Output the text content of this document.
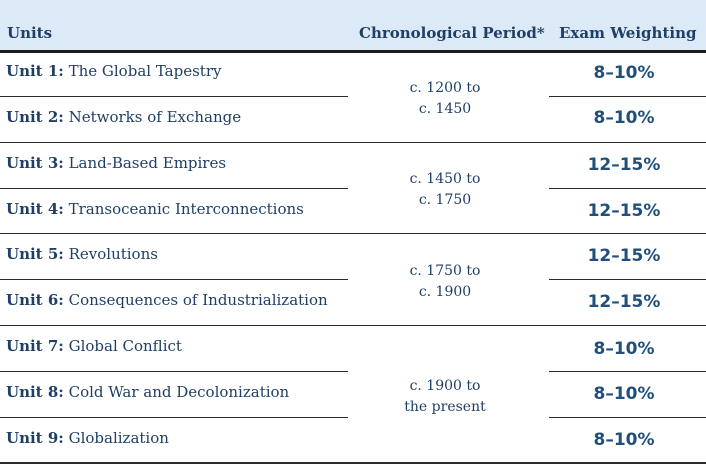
Units	Chronological Period* Exam Weighting
Unit 1: The Global Tapestry
Unit 2: Networks of Exchange
Unit 3: Land-Based Empires
Unit 4: Transoceanic Interconnections
Unit 5: Revolutions
Unit 6: Consequences of Industrialization
Unit 7: Global Conflict
Unit 8: Cold War and Decolonization
Unit 9: Globalization
c. 1200 to
c. 1450
c. 1450 to
c. 1750
c. 1750 to
c. 1900
c. 1900 to
the present
8–10%
8–10%
12–15%
12–15%
12–15%
12–15%
8–10%
8–10%
8–10%
